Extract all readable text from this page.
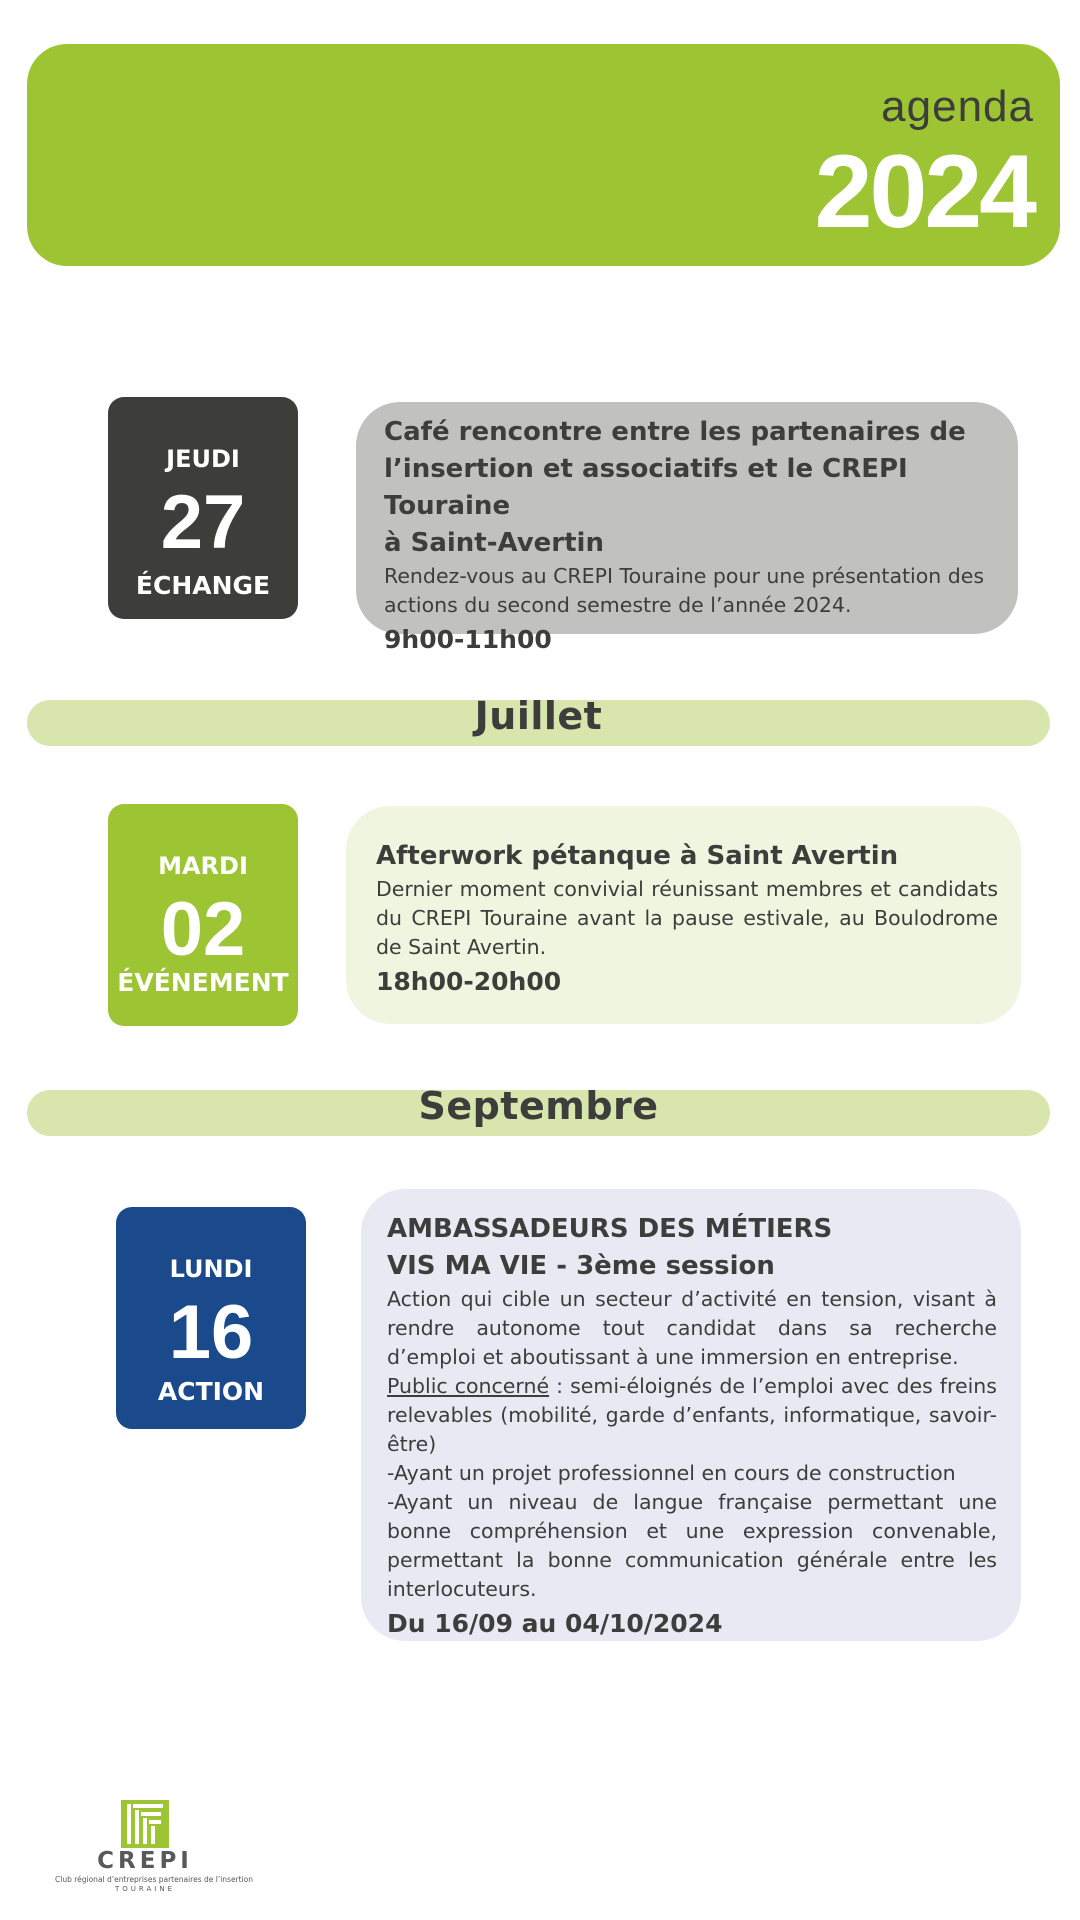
agenda
2024
JEUDI
27
ÉCHANGE
Café rencontre entre les partenaires de
l’insertion et associatifs et le CREPI Touraine
à Saint-Avertin
Rendez-vous au CREPI Touraine pour une présentation des
actions du second semestre de l’année 2024.
9h00-11h00
Juillet
MARDI
02
ÉVÉNEMENT
Afterwork pétanque à Saint Avertin
Dernier moment convivial réunissant membres et candidats du CREPI Touraine avant la pause estivale, au Boulodrome de Saint Avertin.
18h00-20h00
Septembre
LUNDI
16
ACTION
AMBASSADEURS DES MÉTIERS
VIS MA VIE - 3ème session
Action qui cible un secteur d’activité en tension, visant à rendre autonome tout candidat dans sa recherche d’emploi et aboutissant à une immersion en entreprise.
Public concerné : semi-éloignés de l’emploi avec des freins relevables (mobilité, garde d’enfants, informatique, savoir-être)
-Ayant un projet professionnel en cours de construction
-Ayant un niveau de langue française permettant une bonne compréhension et une expression convenable, permettant la bonne communication générale entre les interlocuteurs.
Du 16/09 au 04/10/2024
CREPI
Club régional d’entreprises partenaires de l’insertion
TOURAINE
